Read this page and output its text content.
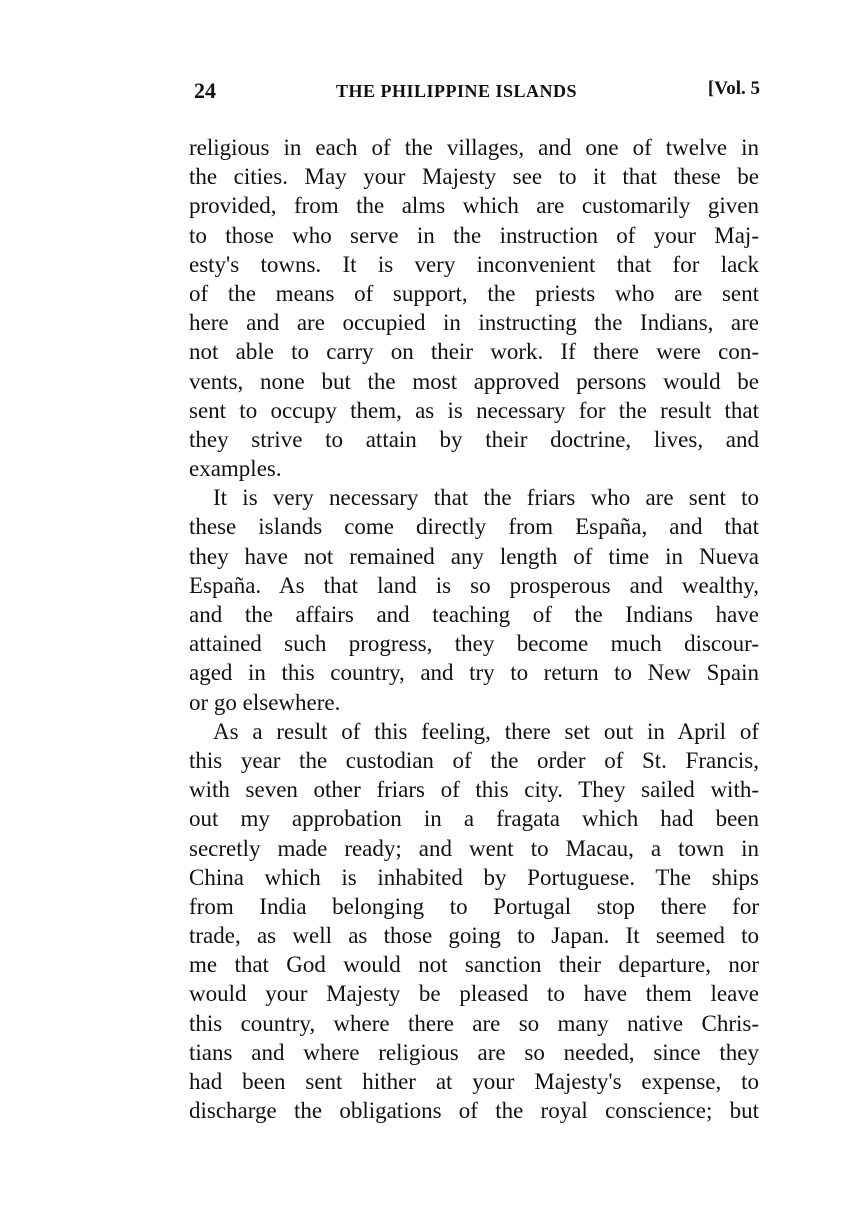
24	THE PHILIPPINE ISLANDS	[Vol. 5
religious in each of the villages, and one of twelve in
the cities. May your Majesty see to it that these be
provided, from the alms which are customarily given
to those who serve in the instruction of your Maj-
esty's towns. It is very inconvenient that for lack
of the means of support, the priests who are sent
here and are occupied in instructing the Indians, are
not able to carry on their work. If there were con-
vents, none but the most approved persons would be
sent to occupy them, as is necessary for the result that
they strive to attain by their doctrine, lives, and
examples.
It is very necessary that the friars who are sent to
these islands come directly from España, and that
they have not remained any length of time in Nueva
España. As that land is so prosperous and wealthy,
and the affairs and teaching of the Indians have
attained such progress, they become much discour-
aged in this country, and try to return to New Spain
or go elsewhere.
As a result of this feeling, there set out in April of
this year the custodian of the order of St. Francis,
with seven other friars of this city. They sailed with-
out my approbation in a fragata which had been
secretly made ready; and went to Macau, a town in
China which is inhabited by Portuguese. The ships
from India belonging to Portugal stop there for
trade, as well as those going to Japan. It seemed to
me that God would not sanction their departure, nor
would your Majesty be pleased to have them leave
this country, where there are so many native Chris-
tians and where religious are so needed, since they
had been sent hither at your Majesty's expense, to
discharge the obligations of the royal conscience; but
